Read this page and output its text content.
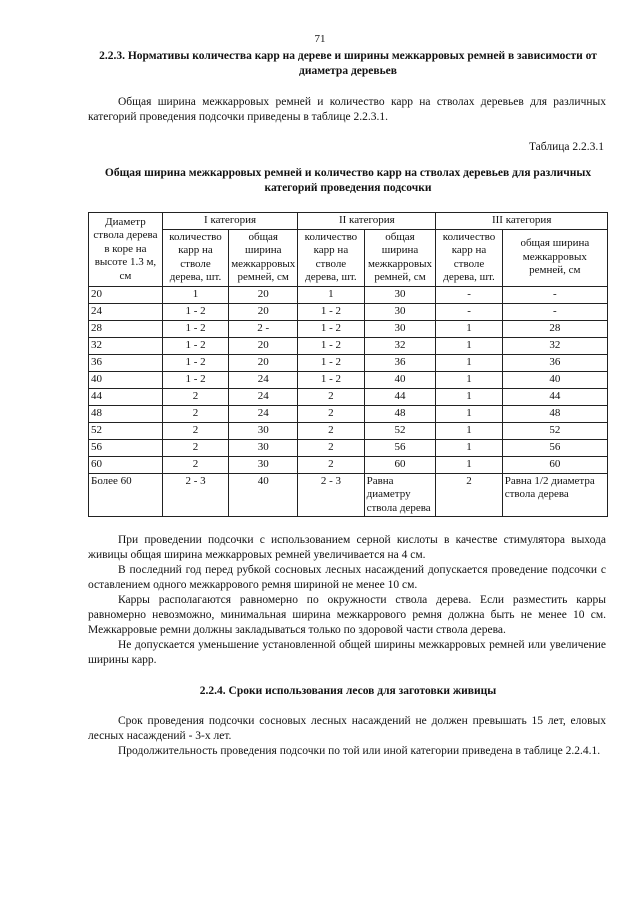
71
2.2.3. Нормативы количества карр на дереве и ширины межкарровых ремней в зависимости от диаметра деревьев
Общая ширина межкарровых ремней и количество карр на стволах деревьев для различных категорий проведения подсочки приведены в таблице 2.2.3.1.
Таблица 2.2.3.1
Общая ширина межкарровых ремней и количество карр на стволах деревьев для различных категорий проведения подсочки
Диаметр ствола дерева в коре на высоте 1.3 м, см	I категория		II категория		III категория	
	количество карр на стволе дерева, шт.	общая ширина межкарровых ремней, см	количество карр на стволе дерева, шт.	общая ширина межкарровых ремней, см	количество карр на стволе дерева, шт.	общая ширина межкарровых ремней, см
20	1	20	1	30	-	-
24	1 - 2	20	1 - 2	30	-	-
28	1 - 2	2 -	1 - 2	30	1	28
32	1 - 2	20	1 - 2	32	1	32
36	1 - 2	20	1 - 2	36	1	36
40	1 - 2	24	1 - 2	40	1	40
44	2	24	2	44	1	44
48	2	24	2	48	1	48
52	2	30	2	52	1	52
56	2	30	2	56	1	56
60	2	30	2	60	1	60
Более 60	2 - 3	40	2 - 3	Равна диаметру ствола дерева	2	Равна 1/2 диаметра ствола дерева
При проведении подсочки с использованием серной кислоты в качестве стимулятора выхода живицы общая ширина межкарровых ремней увеличивается на 4 см.
В последний год перед рубкой сосновых лесных насаждений допускается проведение подсочки с оставлением одного межкаррового ремня шириной не менее 10 см.
Карры располагаются равномерно по окружности ствола дерева. Если разместить карры равномерно невозможно, минимальная ширина межкаррового ремня должна быть не менее 10 см. Межкарровые ремни должны закладываться только по здоровой части ствола дерева.
Не допускается уменьшение установленной общей ширины межкарровых ремней или увеличение ширины карр.
2.2.4. Сроки использования лесов для заготовки живицы
Срок проведения подсочки сосновых лесных насаждений не должен превышать 15 лет, еловых лесных насаждений - 3-х лет.
Продолжительность проведения подсочки по той или иной категории приведена в таблице 2.2.4.1.
